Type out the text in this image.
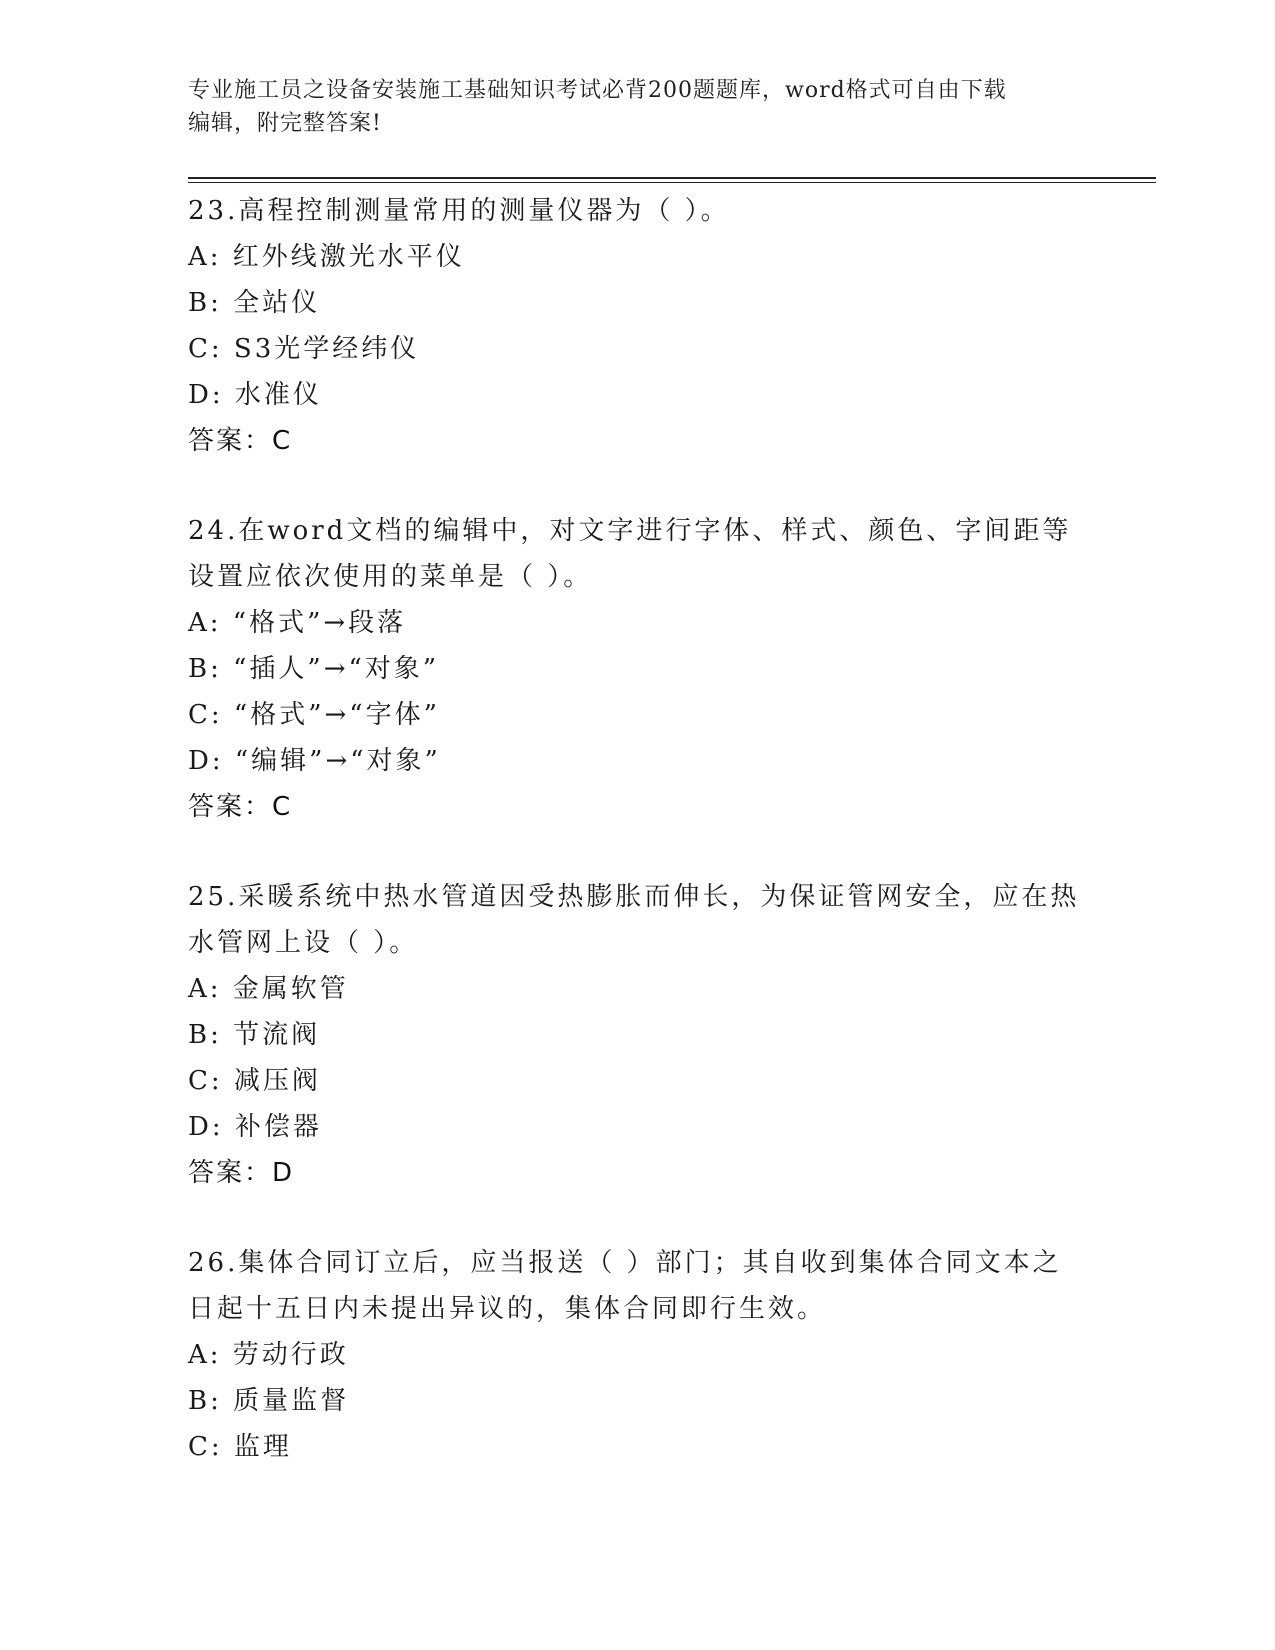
专业施工员之设备安装施工基础知识考试必背200题题库，word格式可自由下载
编辑，附完整答案!

23.高程控制测量常用的测量仪器为（ ）。

A: 红外线激光水平仪

B: 全站仪

C: S3光学经纬仪

D: 水准仪

答案：C

24.在word文档的编辑中，对文字进行字体、样式、颜色、字间距等

设置应依次使用的菜单是（ ）。

A: “格式”→段落

B: “插人”→“对象”

C: “格式”→“字体”

D: “编辑”→“对象”

答案：C

25.采暖系统中热水管道因受热膨胀而伸长，为保证管网安全，应在热

水管网上设（ ）。

A: 金属软管

B: 节流阀

C: 减压阀

D: 补偿器

答案：D

26.集体合同订立后，应当报送（ ）部门；其自收到集体合同文本之

日起十五日内未提出异议的，集体合同即行生效。

A: 劳动行政

B: 质量监督

C: 监理
